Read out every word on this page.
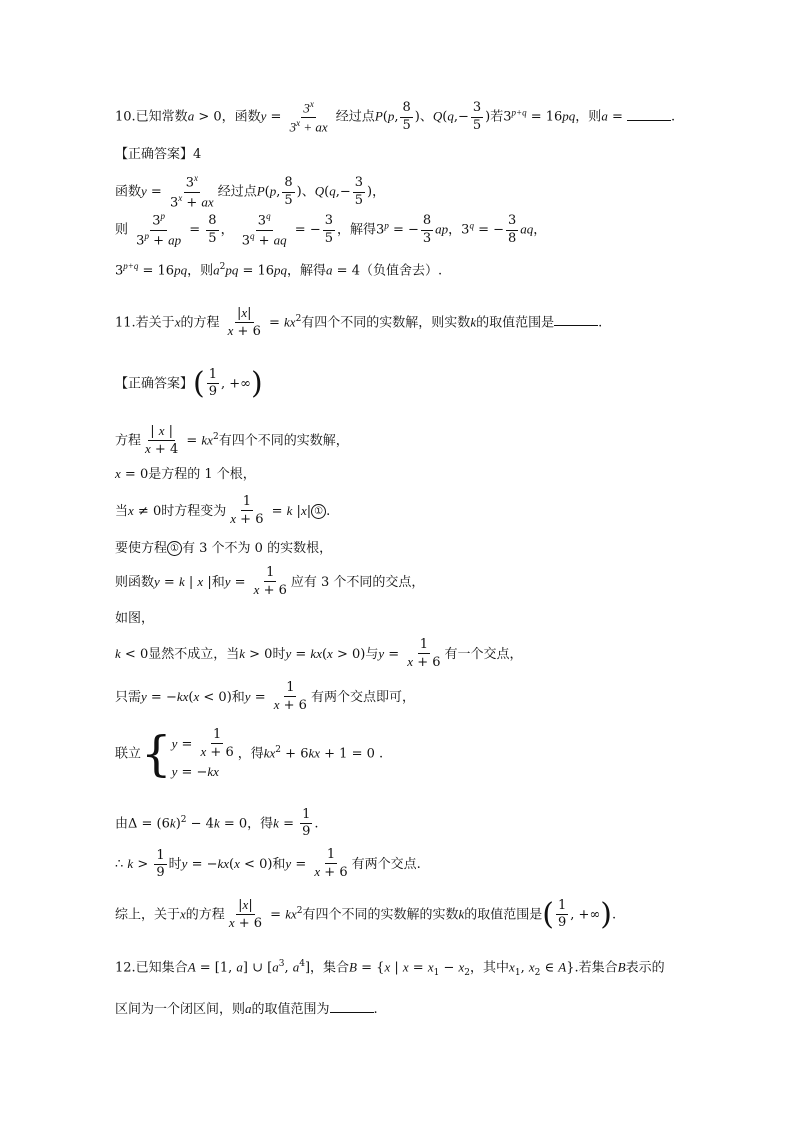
10.已知常数a > 0，函数$y = \frac{3^x}{3^x + ax}$ 经过点P(p, $\frac{8}{5}$ )、$Q(q,- \frac{3}{5}$ )若$3^{p+q} = 16pq$，则a =	.
【正确答案】4
函数$y = \frac{3^x}{3^x + ax}$ 经过点P(p, $\frac{8}{5}$ )、$Q(q,- \frac{3}{5}$ )，
则 $\frac{3^p}{3^p + ap} = \frac{8}{5}$ ， $\frac{3^q}{3^q + aq}$ = − $\frac{3}{5}$ ，解得$3^p$ = − $\frac{8}{3}$ ap，$3^q$ = − $\frac{3}{8}$ aq，
$3^{p+q} = 16pq$，则$a^2pq = 16pq$，解得a = 4（负值舍去）.
11.若关于x的方程 $\frac{|x|}{x + 6} = kx^2$有四个不同的实数解，则实数k的取值范围是	.
【正确答案】( $\frac{1}{9}$ , +∞)
方程 $\frac{| x |}{x + 4} = kx^2$有四个不同的实数解，
x = 0是方程的 1 个根，
当x ≠ 0时方程变为 $\frac{1}{x + 6} = k$ |x| ① .
要使方程 ① 有 3 个不为 0 的实数根，
则函数y = k | x |和$y = \frac{1}{x + 6}$ 应有 3 个不同的交点，
如图，
k < 0显然不成立，当k > 0时y = kx(x > 0)与$y = \frac{1}{x + 6}$ 有一个交点，
只需y = −kx(x < 0)和$y = \frac{1}{x + 6}$ 有两个交点即可，
联立{ $y = \frac{1}{x + 6}$
y = −kx
，得$kx^2 + 6kx + 1 = 0$ .
由$\Delta = (6k)^2 - 4k = 0$，得$k = \frac{1}{9}$ .
∴ $k > \frac{1}{9}$ 时y = −kx(x < 0)和$y = \frac{1}{x + 6}$ 有两个交点.
综上，关于x的方程 $\frac{|x|}{x + 6} = kx^2$有四个不同的实数解的实数k的取值范围是( $\frac{1}{9}$ , +∞).
12.已知集合A = [1, a] ∪ [$a^3$, $a^4$]，集合B = {x | $x = x_1 - x_2$，其中$x_1$, $x_2$ ∈ A}.若集合B表示的
区间为一个闭区间，则a的取值范围为	.
